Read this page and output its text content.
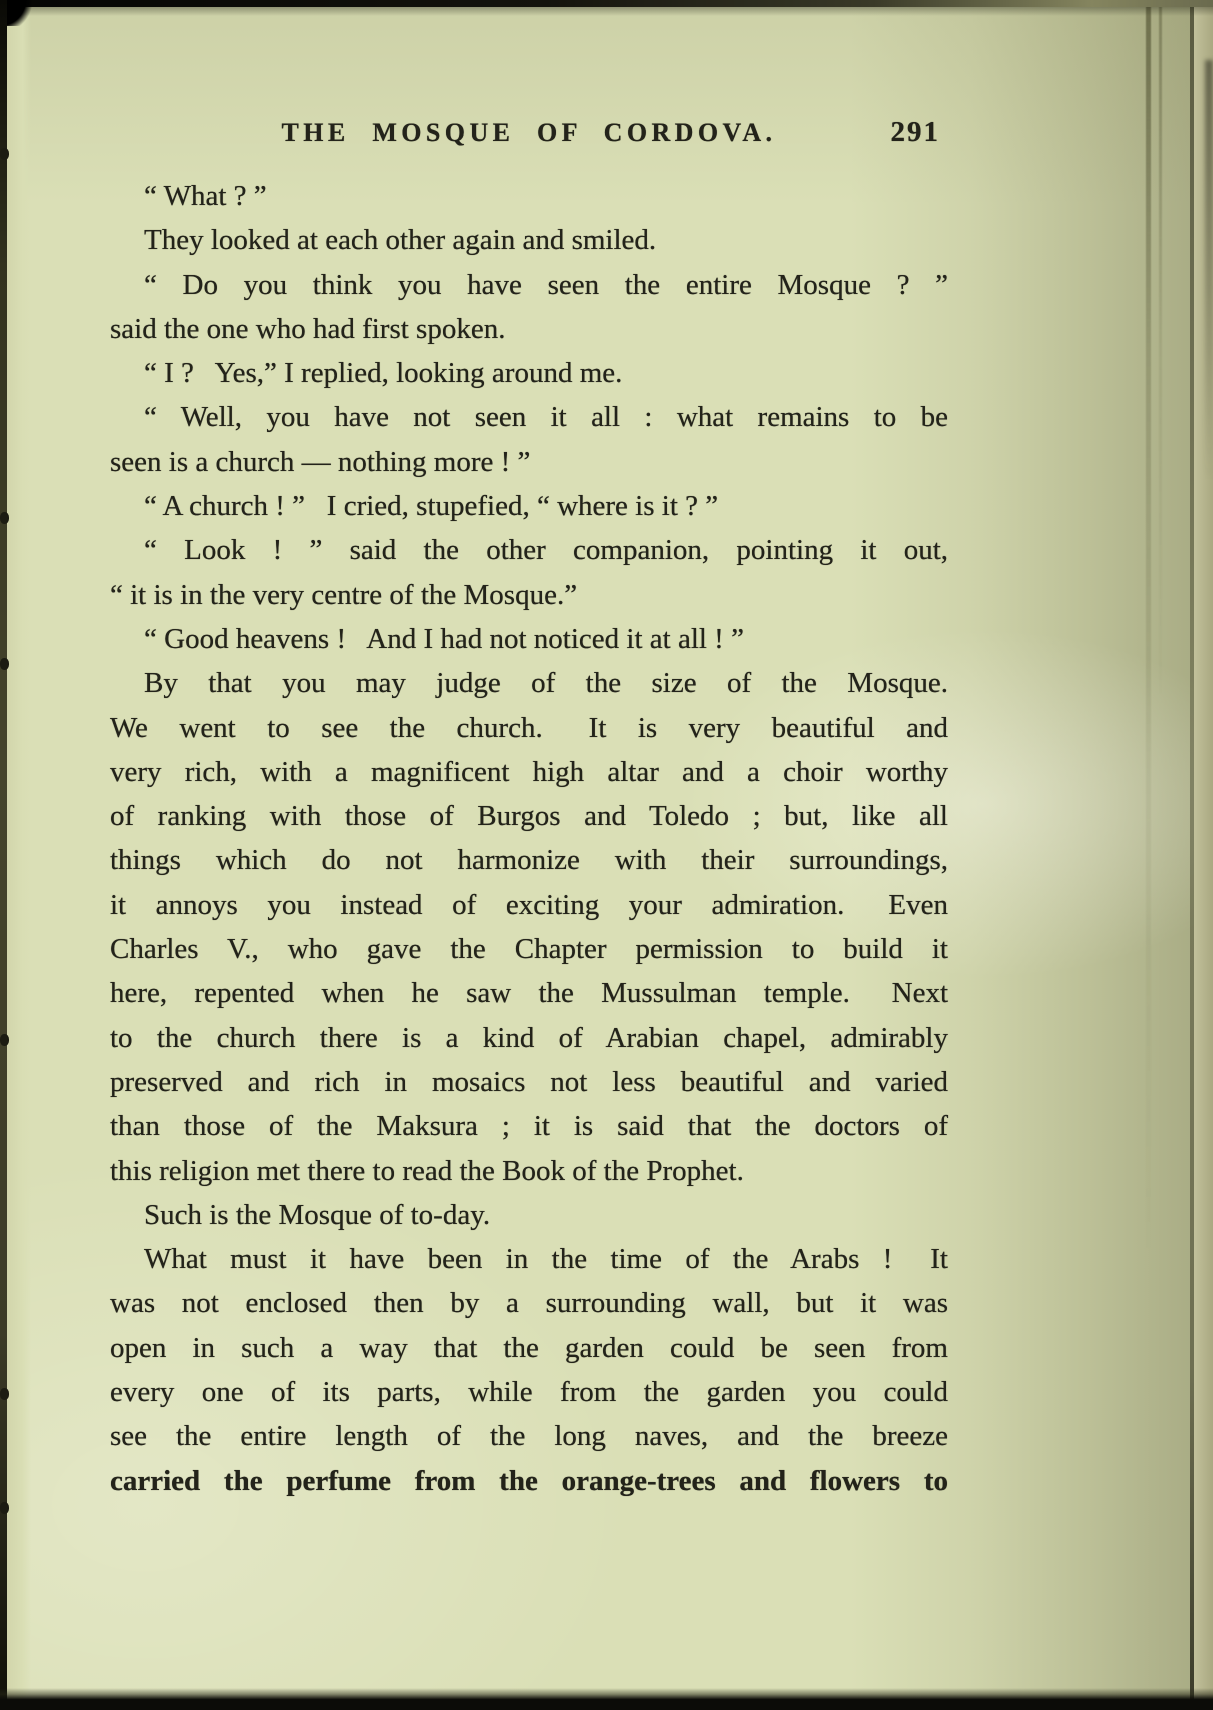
THE MOSQUE OF CORDOVA.	291
“ What ? ”
They looked at each other again and smiled.
“ Do you think you have seen the entire Mosque ? ”
said the one who had first spoken.
“ I ?  Yes,” I replied, looking around me.
“ Well, you have not seen it all : what remains to be
seen is a church — nothing more ! ”
“ A church ! ”  I cried, stupefied, “ where is it ? ”
“ Look ! ” said the other companion, pointing it out,
“ it is in the very centre of the Mosque.”
“ Good heavens !  And I had not noticed it at all ! ”
By that you may judge of the size of the Mosque.
We went to see the church.  It is very beautiful and
very rich, with a magnificent high altar and a choir worthy
of ranking with those of Burgos and Toledo ; but, like all
things which do not harmonize with their surroundings,
it annoys you instead of exciting your admiration.  Even
Charles V., who gave the Chapter permission to build it
here, repented when he saw the Mussulman temple.  Next
to the church there is a kind of Arabian chapel, admirably
preserved and rich in mosaics not less beautiful and varied
than those of the Maksura ; it is said that the doctors of
this religion met there to read the Book of the Prophet.
Such is the Mosque of to-day.
What must it have been in the time of the Arabs !  It
was not enclosed then by a surrounding wall, but it was
open in such a way that the garden could be seen from
every one of its parts, while from the garden you could
see the entire length of the long naves, and the breeze
carried the perfume from the orange-trees and flowers to
